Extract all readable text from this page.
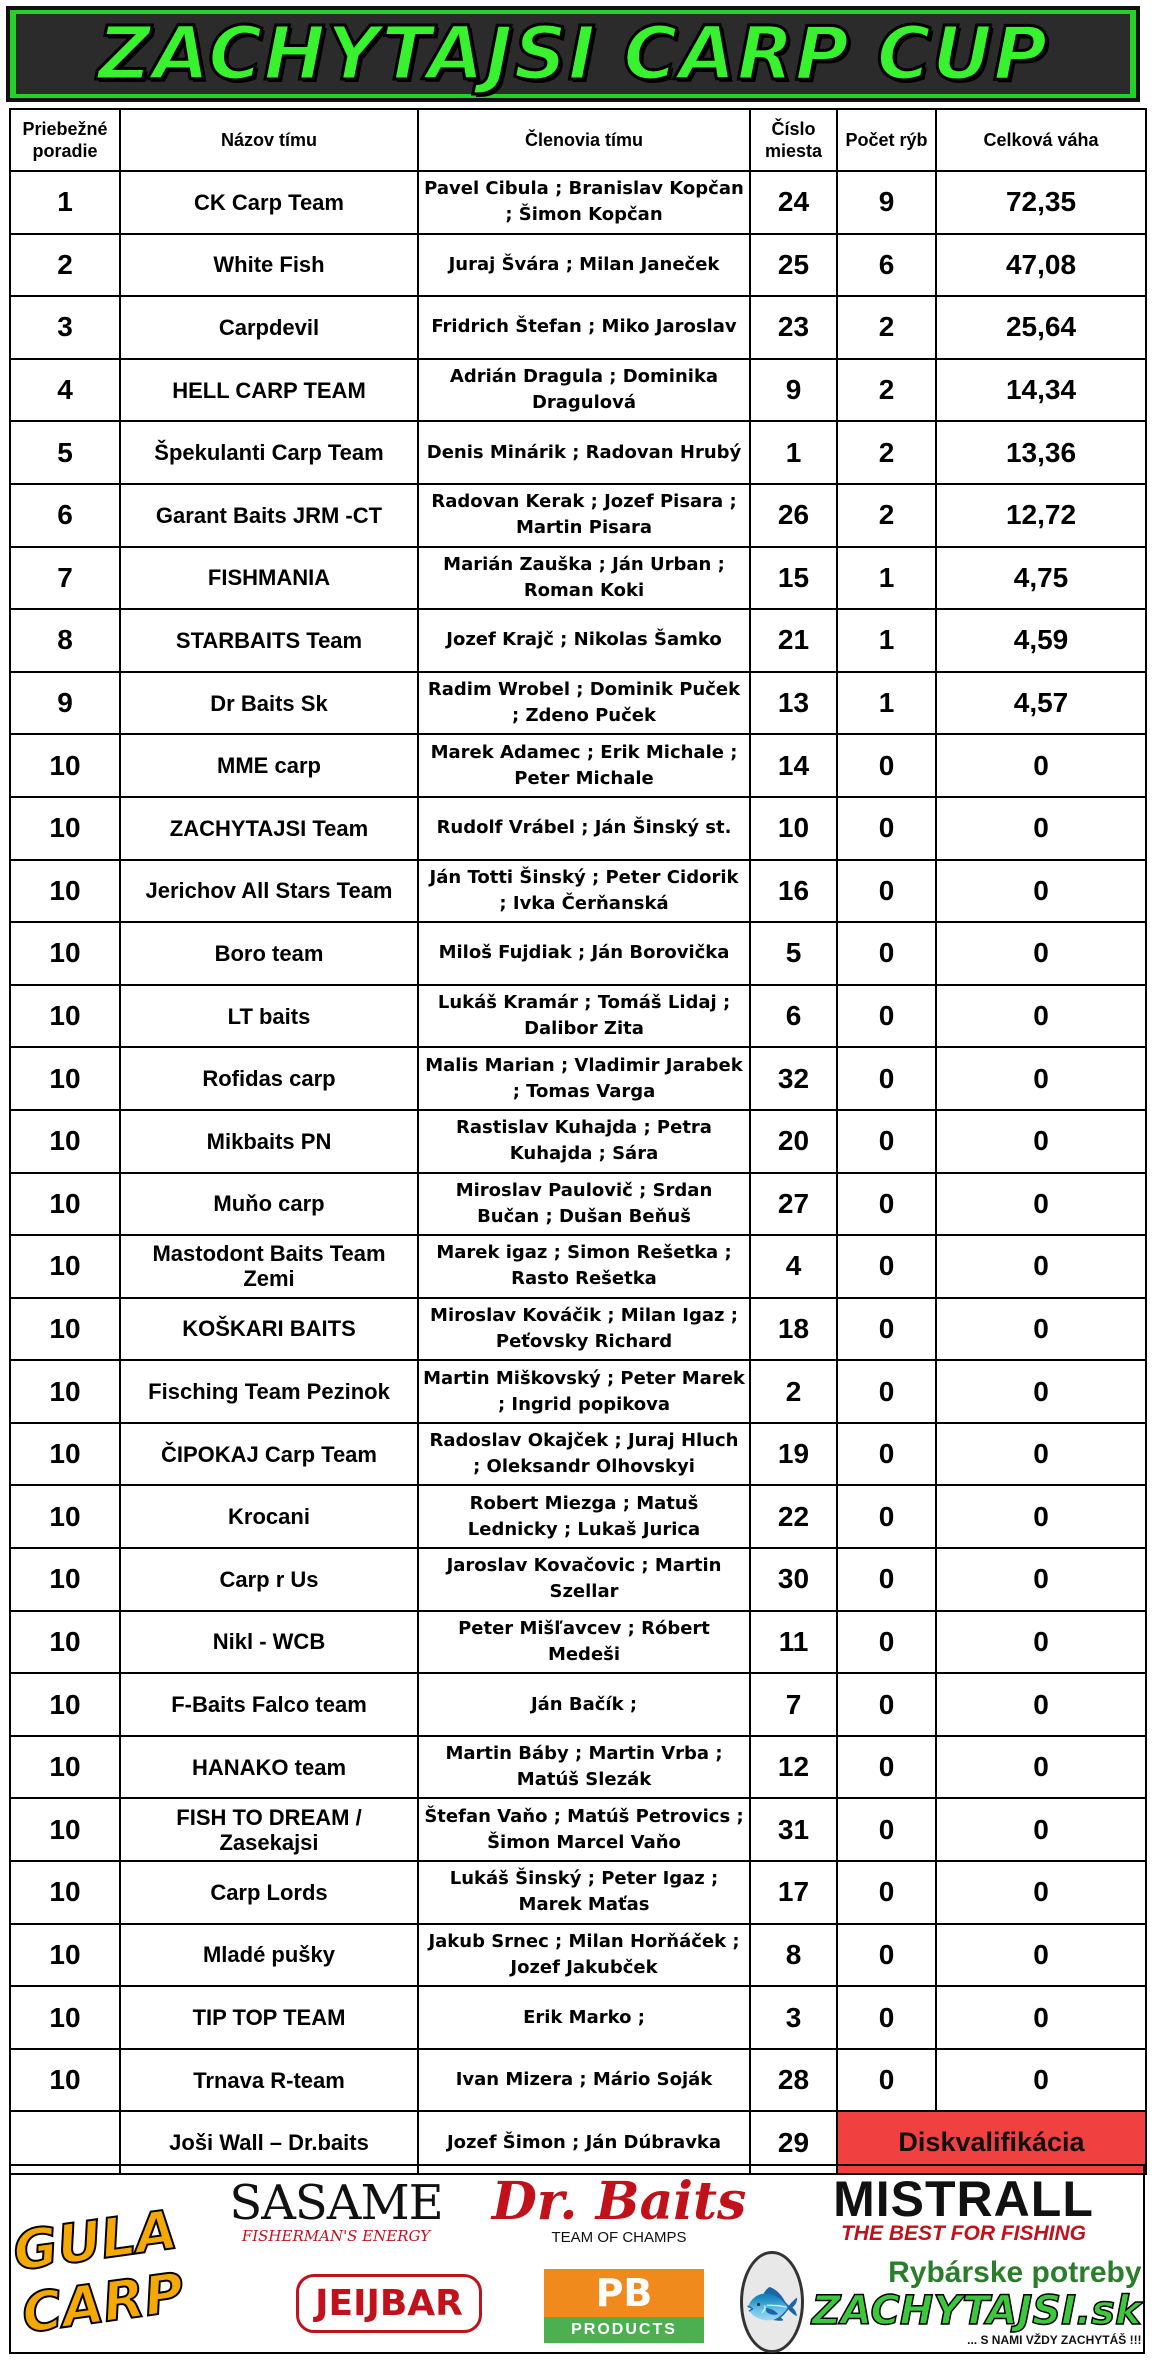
ZACHYTAJSI CARP CUP
Priebežné poradie	Názov tímu	Členovia tímu	Číslo miesta	Počet rýb	Celková váha
1	CK Carp Team	Pavel Cibula ; Branislav Kopčan ; Šimon Kopčan	24	9	72,35
2	White Fish	Juraj Švára ; Milan Janeček	25	6	47,08
3	Carpdevil	Fridrich Štefan ; Miko Jaroslav	23	2	25,64
4	HELL CARP TEAM	Adrián Dragula ; Dominika Dragulová	9	2	14,34
5	Špekulanti Carp Team	Denis Minárik ; Radovan Hrubý	1	2	13,36
6	Garant Baits JRM -CT	Radovan Kerak ; Jozef Pisara ; Martin Pisara	26	2	12,72
7	FISHMANIA	Marián Zauška ; Ján Urban ; Roman Koki	15	1	4,75
8	STARBAITS Team	Jozef Krajč ; Nikolas Šamko	21	1	4,59
9	Dr Baits Sk	Radim Wrobel ; Dominik Puček ; Zdeno Puček	13	1	4,57
10	MME carp	Marek Adamec ; Erik Michale ; Peter Michale	14	0	0
10	ZACHYTAJSI Team	Rudolf Vrábel ; Ján Šinský st.	10	0	0
10	Jerichov All Stars Team	Ján Totti Šinský ; Peter Cidorik ; Ivka Čerňanská	16	0	0
10	Boro team	Miloš Fujdiak ; Ján Borovička	5	0	0
10	LT baits	Lukáš Kramár ; Tomáš Lidaj ; Dalibor Zita	6	0	0
10	Rofidas carp	Malis Marian ; Vladimir Jarabek ; Tomas Varga	32	0	0
10	Mikbaits PN	Rastislav Kuhajda ; Petra Kuhajda ; Sára	20	0	0
10	Muňo carp	Miroslav Paulovič ; Srdan Bučan ; Dušan Beňuš	27	0	0
10	Mastodont Baits Team Zemi	Marek igaz ; Simon Rešetka ; Rasto Rešetka	4	0	0
10	KOŠKARI BAITS	Miroslav Kováčik ; Milan Igaz ; Peťovsky Richard	18	0	0
10	Fisching Team Pezinok	Martin Miškovský ; Peter Marek ; Ingrid popikova	2	0	0
10	ČIPOKAJ Carp Team	Radoslav Okajček ; Juraj Hluch ; Oleksandr Olhovskyi	19	0	0
10	Krocani	Robert Miezga ; Matuš Lednicky ; Lukaš Jurica	22	0	0
10	Carp r Us	Jaroslav Kovačovic ; Martin Szellar	30	0	0
10	Nikl - WCB	Peter Mišľavcev ; Róbert Medeši	11	0	0
10	F-Baits Falco team	Ján Bačík ;	7	0	0
10	HANAKO team	Martin Báby ; Martin Vrba ; Matúš Slezák	12	0	0
10	FISH TO DREAM / Zasekajsi	Štefan Vaňo ; Matúš Petrovics ; Šimon Marcel Vaňo	31	0	0
10	Carp Lords	Lukáš Šinský ; Peter Igaz ; Marek Maťas	17	0	0
10	Mladé pušky	Jakub Srnec ; Milan Horňáček ; Jozef Jakubček	8	0	0
10	TIP TOP TEAM	Erik Marko ;	3	0	0
10	Trnava R-team	Ivan Mizera ; Mário Soják	28	0	0
	Joši Wall – Dr.baits	Jozef Šimon ; Ján Dúbravka	29	Diskvalifikácia	
GULA CARP
SASAME
FISHERMAN'S ENERGY
Dr. Baits
TEAM OF CHAMPS
MISTRALL
THE BEST FOR FISHING
JEIJBAR	PB
PRODUCTS
🐟
Rybárske potreby
ZACHYTAJSI.sk
... S NAMI VŽDY ZACHYTÁŠ !!!
